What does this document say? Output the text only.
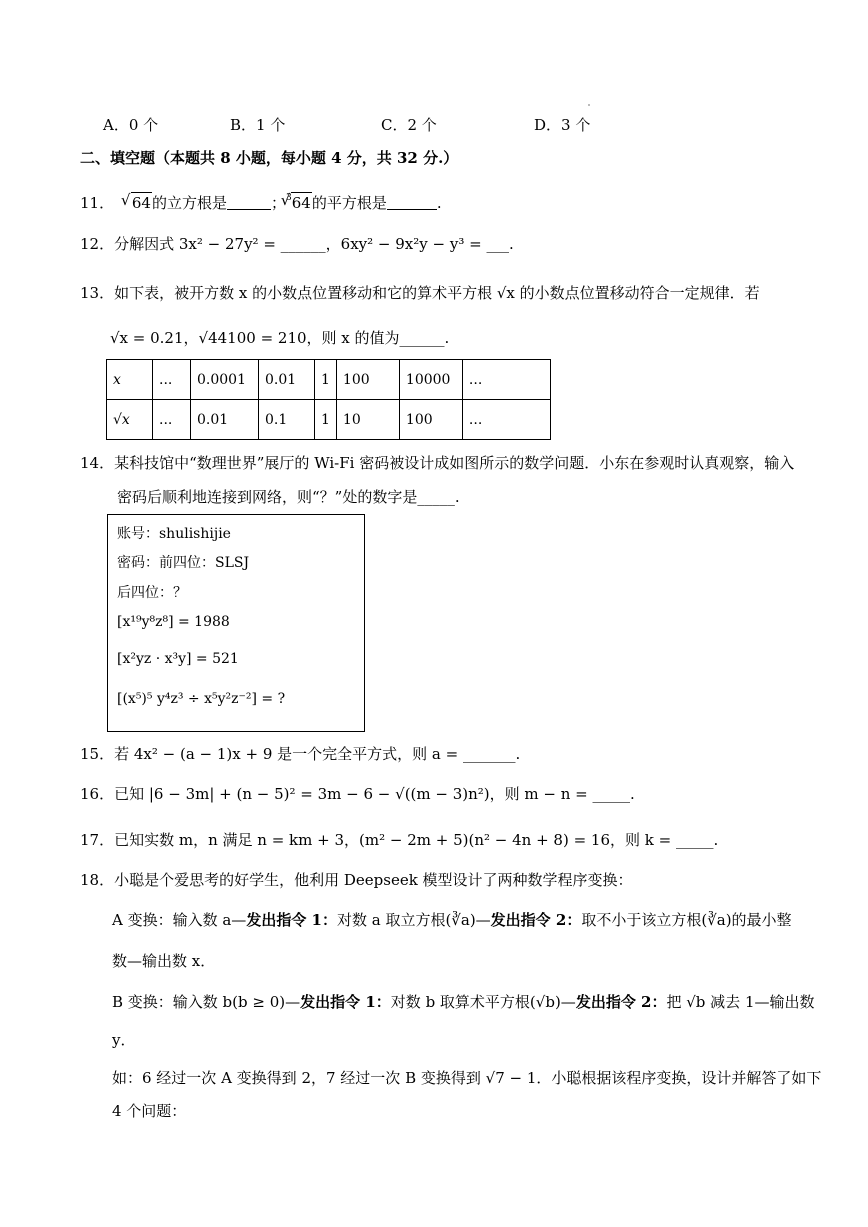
A．0 个	B．1 个	C．2 个	D．3 个
二、填空题（本题共 8 小题，每小题 4 分，共 32 分.）
11． √ 64的立方根是	；$^3$√ 64的平方根是	.
12．分解因式 3x² − 27y² = ______，6xy² − 9x²y − y³ = ___.
13．如下表，被开方数 x 的小数点位置移动和它的算术平方根 √x 的小数点位置移动符合一定规律．若
√x = 0.21，√44100 = 210，则 x 的值为______.
x	...	0.0001	0.01	1	100	10000	...
√x	...	0.01	0.1	1	10	100	...
14．某科技馆中“数理世界”展厅的 Wi-Fi 密码被设计成如图所示的数学问题．小东在参观时认真观察，输入
密码后顺利地连接到网络，则“？”处的数字是_____.
账号：shulishijie
密码：前四位：SLSJ
后四位：？
[x¹⁹y⁸z⁸] = 1988
[x²yz · x³y] = 521
[(x⁵)⁵ y⁴z³ ÷ x⁵y²z⁻²] = ?
15．若 4x² − (a − 1)x + 9 是一个完全平方式，则 a = _______.
16．已知 |6 − 3m| + (n − 5)² = 3m − 6 − √((m − 3)n²)，则 m − n = _____.
17．已知实数 m，n 满足 n = km + 3，(m² − 2m + 5)(n² − 4n + 8) = 16，则 k = _____.
18．小聪是个爱思考的好学生，他利用 Deepseek 模型设计了两种数学程序变换：
A 变换：输入数 a—发出指令 1：对数 a 取立方根(∛a)—发出指令 2：取不小于该立方根(∛a)的最小整
数—输出数 x．
B 变换：输入数 b(b ≥ 0)—发出指令 1：对数 b 取算术平方根(√b)—发出指令 2：把 √b 减去 1—输出数
y．
如：6 经过一次 A 变换得到 2，7 经过一次 B 变换得到 √7 − 1．小聪根据该程序变换，设计并解答了如下
4 个问题：
